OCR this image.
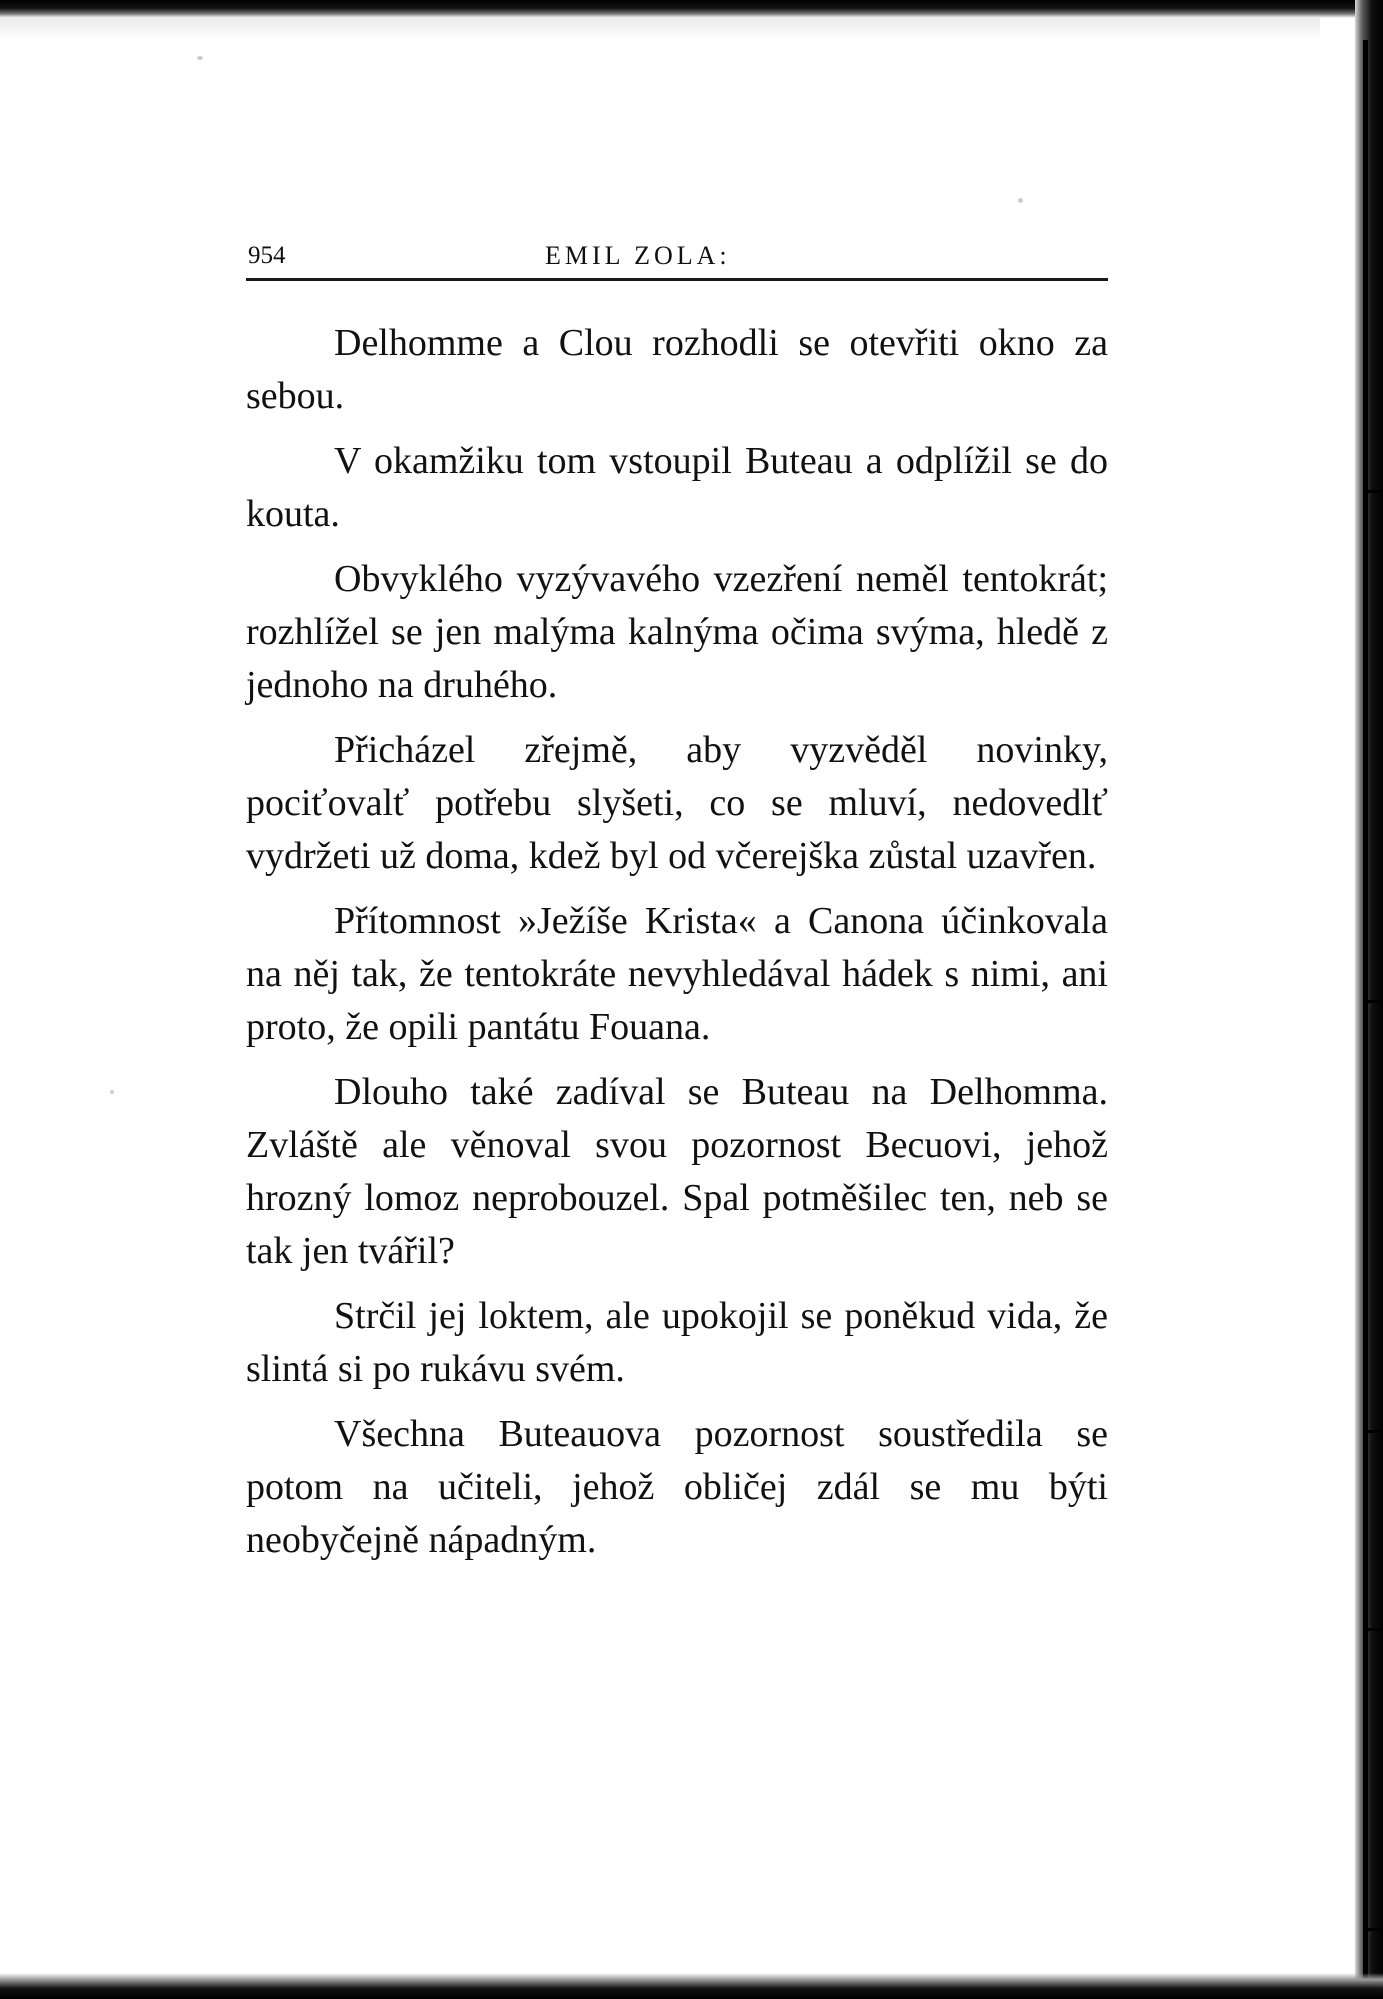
954	EMIL ZOLA:

Delhomme a Clou rozhodli se otevřiti okno za sebou.

V okamžiku tom vstoupil Buteau a odplížil se do kouta.

Obvyklého vyzývavého vzezření neměl tentokrát; rozhlížel se jen malýma kalnýma očima svýma, hledě z jednoho na druhého.

Přicházel zřejmě, aby vyzvěděl novinky, pociťovalť potřebu slyšeti, co se mluví, nedovedlť vydržeti už doma, kdež byl od včerejška zůstal uzavřen.

Přítomnost »Ježíše Krista« a Canona účinkovala na něj tak, že tentokráte nevyhledával hádek s nimi, ani proto, že opili pantátu Fouana.

Dlouho také zadíval se Buteau na Delhomma. Zvláště ale věnoval svou pozornost Becuovi, jehož hrozný lomoz neprobouzel. Spal potměšilec ten, neb se tak jen tvářil?

Strčil jej loktem, ale upokojil se poněkud vida, že slintá si po rukávu svém.

Všechna Buteauova pozornost soustředila se potom na učiteli, jehož obličej zdál se mu býti neobyčejně nápadným.
